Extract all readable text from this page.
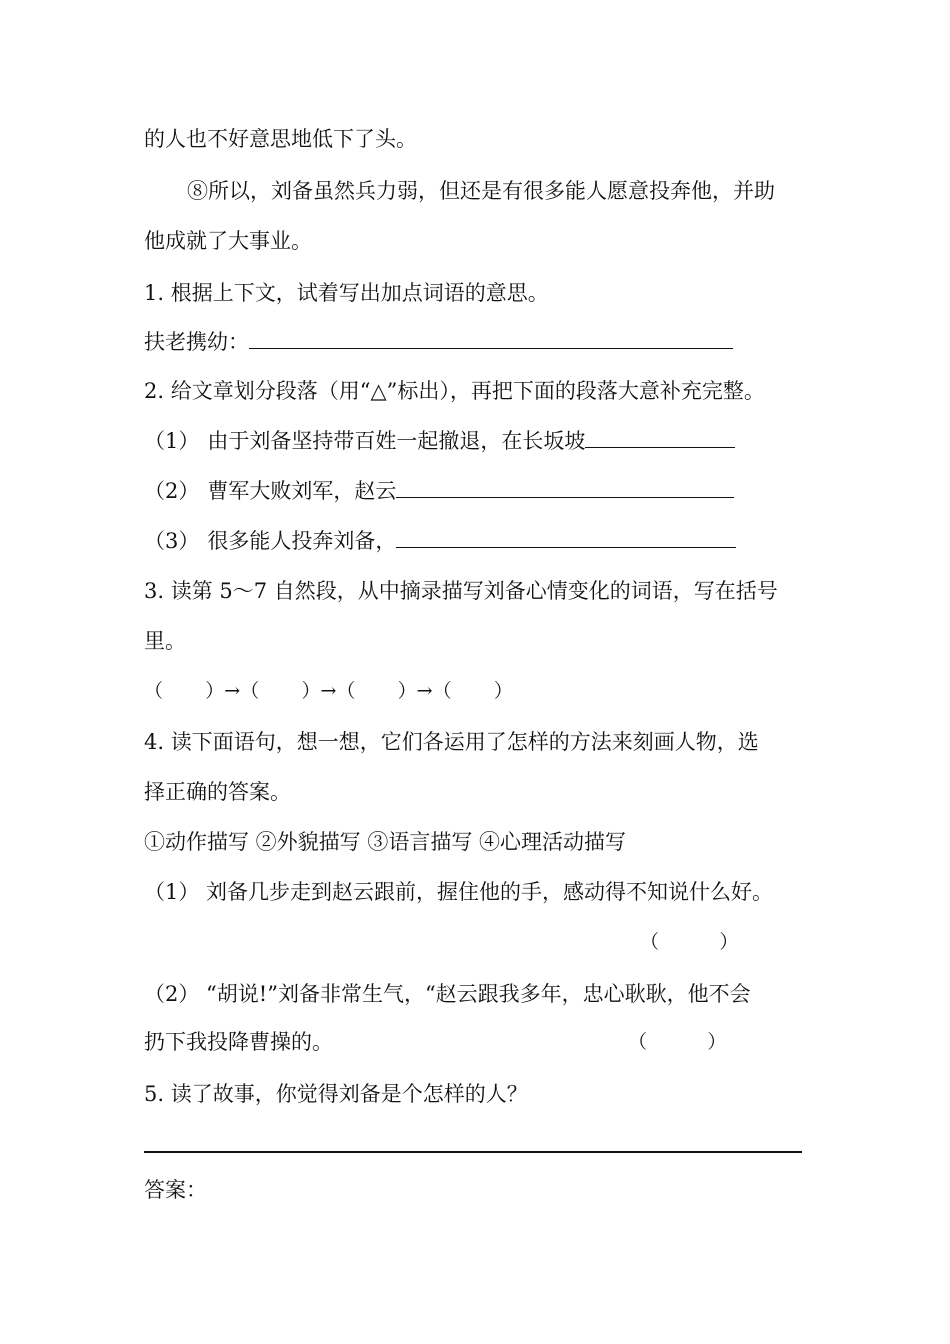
的人也不好意思地低下了头。
⑧所以，刘备虽然兵力弱，但还是有很多能人愿意投奔他，并助
他成就了大事业。
1. 根据上下文，试着写出加点词语的意思。
扶老携幼：
2. 给文章划分段落（用“△”标出），再把下面的段落大意补充完整。
（1） 由于刘备坚持带百姓一起撤退，在长坂坡
（2） 曹军大败刘军，赵云
（3） 很多能人投奔刘备，
3. 读第 5～7 自然段，从中摘录描写刘备心情变化的词语，写在括号
里。
（       ）→（       ）→（       ）→（       ）
4. 读下面语句，想一想，它们各运用了怎样的方法来刻画人物，选
择正确的答案。
①动作描写 ②外貌描写 ③语言描写 ④心理活动描写
（1） 刘备几步走到赵云跟前，握住他的手，感动得不知说什么好。
（          ）
（2） “胡说!”刘备非常生气，“赵云跟我多年，忠心耿耿，他不会
扔下我投降曹操的。	（          ）
5. 读了故事，你觉得刘备是个怎样的人？
答案：
